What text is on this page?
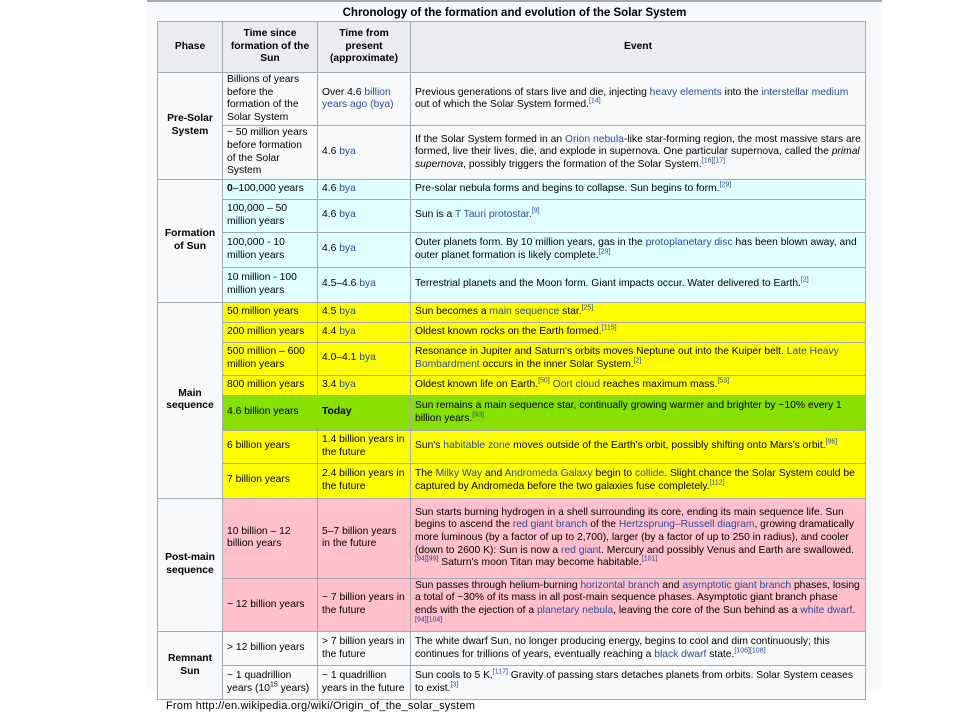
Chronology of the formation and evolution of the Solar System
Phase	Time since formation of the Sun	Time from present (approximate)	Event
Pre-Solar System	Billions of years before the formation of the Solar System	Over 4.6 billion years ago (bya)	Previous generations of stars live and die, injecting heavy elements into the interstellar medium out of which the Solar System formed.[14]
	~ 50 million years before formation of the Solar System	4.6 bya	If the Solar System formed in an Orion nebula-like star-forming region, the most massive stars are formed, live their lives, die, and explode in supernova. One particular supernova, called the primal supernova, possibly triggers the formation of the Solar System.[16][17]
Formation of Sun	0–100,000 years	4.6 bya	Pre-solar nebula forms and begins to collapse. Sun begins to form.[29]
	100,000 – 50 million years	4.6 bya	Sun is a T Tauri protostar.[9]
	100,000 - 10 million years	4.6 bya	Outer planets form. By 10 million years, gas in the protoplanetary disc has been blown away, and outer planet formation is likely complete.[29]
	10 million - 100 million years	4.5–4.6 bya	Terrestrial planets and the Moon form. Giant impacts occur. Water delivered to Earth.[2]
Main sequence	50 million years	4.5 bya	Sun becomes a main sequence star.[25]
	200 million years	4.4 bya	Oldest known rocks on the Earth formed.[115]
	500 million – 600 million years	4.0–4.1 bya	Resonance in Jupiter and Saturn's orbits moves Neptune out into the Kuiper belt. Late Heavy Bombardment occurs in the inner Solar System.[2]
	800 million years	3.4 bya	Oldest known life on Earth.[50] Oort cloud reaches maximum mass.[53]
	4.6 billion years	Today	Sun remains a main sequence star, continually growing warmer and brighter by ~10% every 1 billion years.[93]
	6 billion years	1.4 billion years in the future	Sun's habitable zone moves outside of the Earth's orbit, possibly shifting onto Mars's orbit.[96]
	7 billion years	2.4 billion years in the future	The Milky Way and Andromeda Galaxy begin to collide. Slight chance the Solar System could be captured by Andromeda before the two galaxies fuse completely.[112]
Post-main sequence	10 billion – 12 billion years	5–7 billion years in the future	Sun starts burning hydrogen in a shell surrounding its core, ending its main sequence life. Sun begins to ascend the red giant branch of the Hertzsprung–Russell diagram, growing dramatically more luminous (by a factor of up to 2,700), larger (by a factor of up to 250 in radius), and cooler (down to 2600 K): Sun is now a red giant. Mercury and possibly Venus and Earth are swallowed.[94][99] Saturn's moon Titan may become habitable.[101]
	~ 12 billion years	~ 7 billion years in the future	Sun passes through helium-burning horizontal branch and asymptotic giant branch phases, losing a total of ~30% of its mass in all post-main sequence phases. Asymptotic giant branch phase ends with the ejection of a planetary nebula, leaving the core of the Sun behind as a white dwarf.[94][104]
Remnant Sun	> 12 billion years	> 7 billion years in the future	The white dwarf Sun, no longer producing energy, begins to cool and dim continuously; this continues for trillions of years, eventually reaching a black dwarf state.[106][108]
	~ 1 quadrillion years ($10^{15}$ years)	~ 1 quadrillion years in the future	Sun cools to 5 K.[117] Gravity of passing stars detaches planets from orbits. Solar System ceases to exist.[3]
From http://en.wikipedia.org/wiki/Origin_of_the_solar_system
